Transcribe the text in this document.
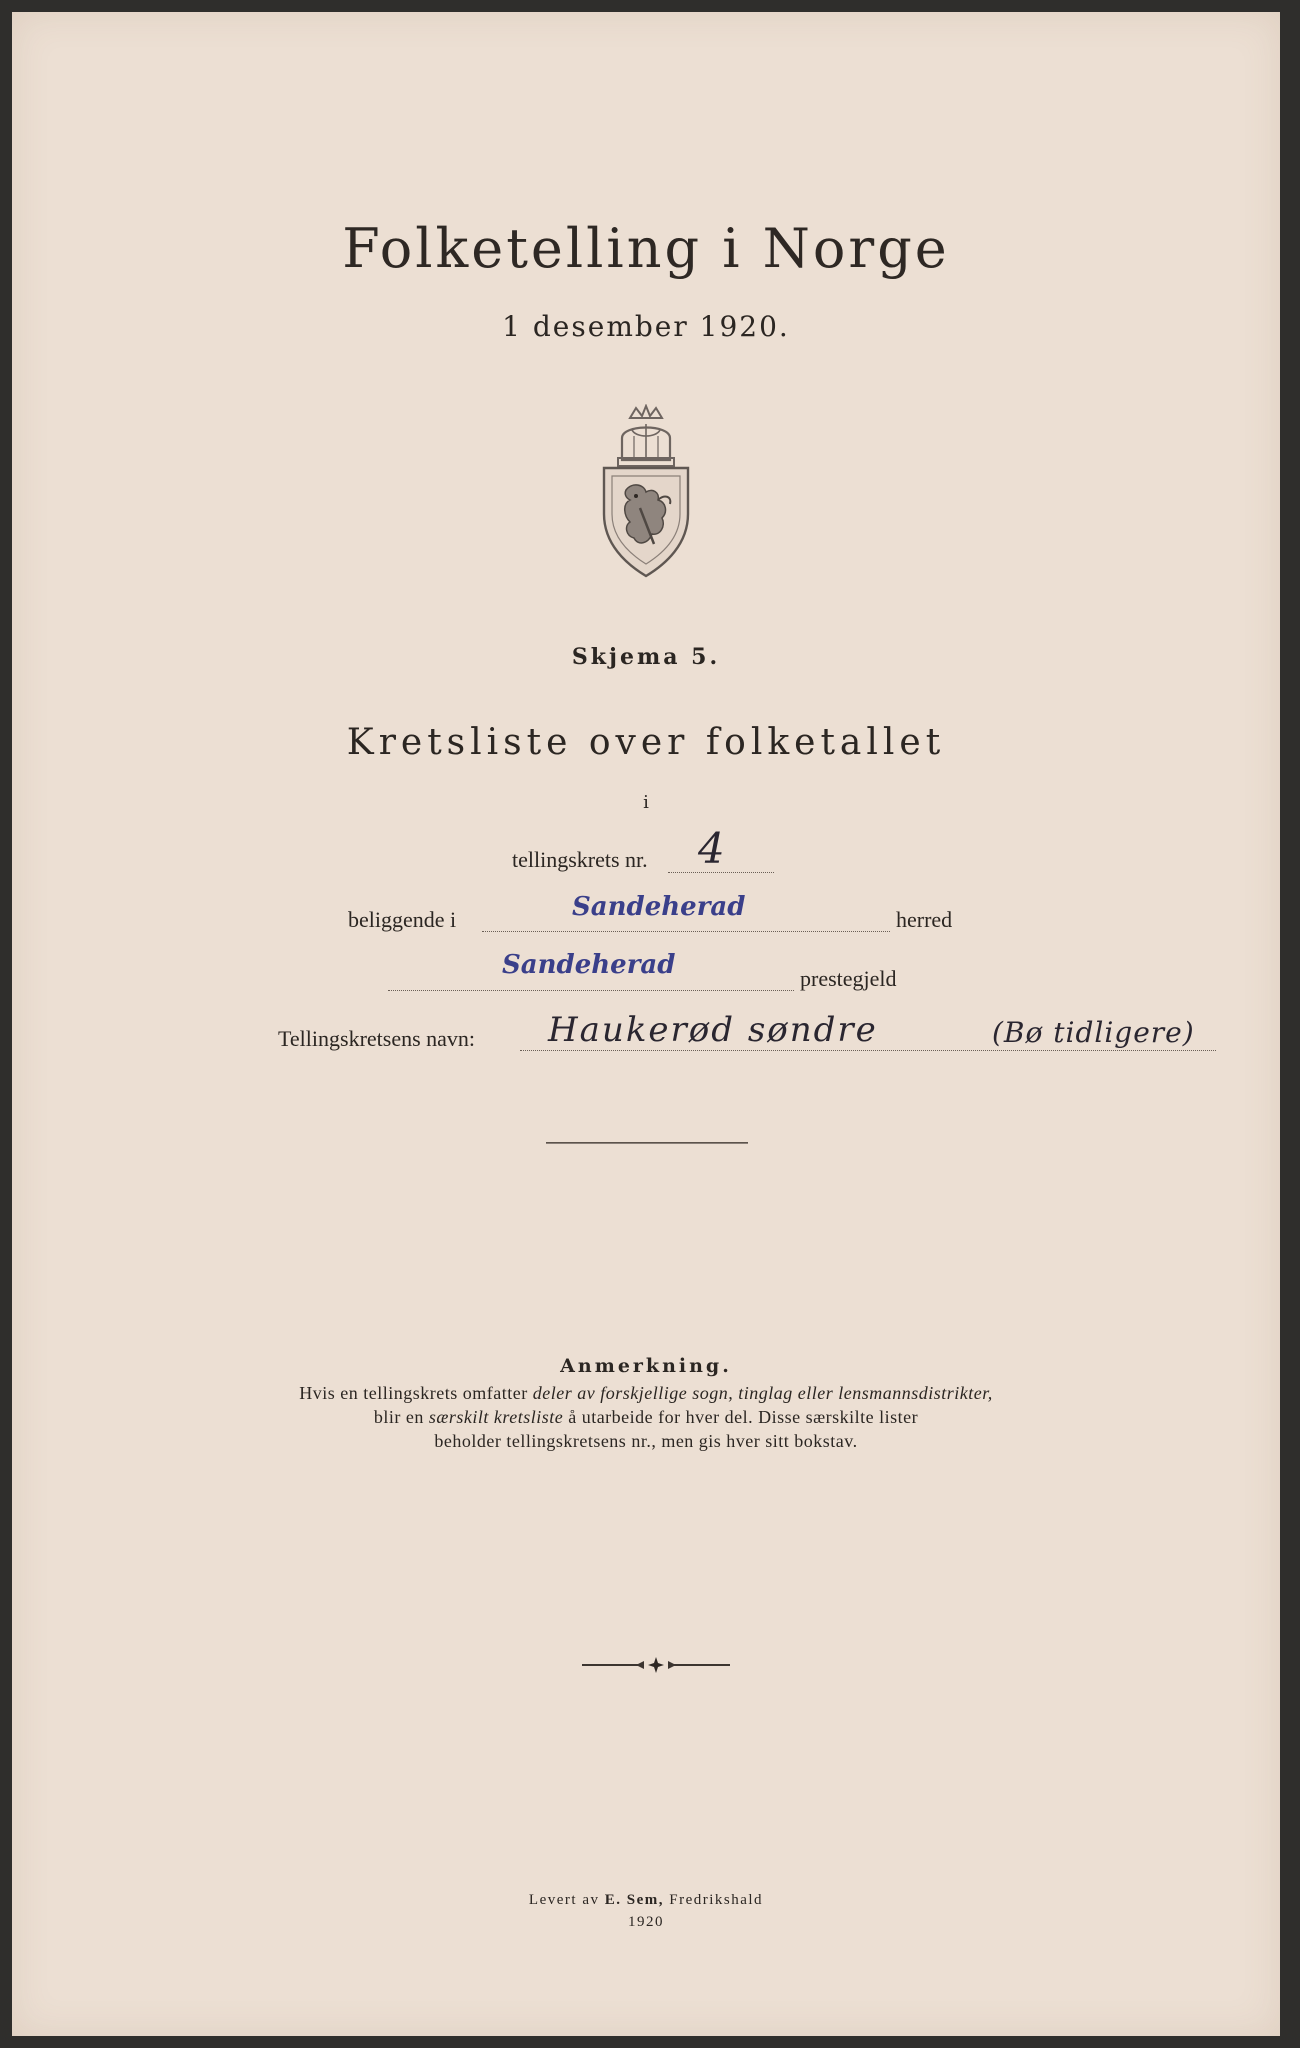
Folketelling i Norge
1 desember 1920.
Skjema 5.
Kretsliste over folketallet
i
tellingskrets nr. 4
beliggende i	Sandeherad	herred
Sandeherad	prestegjeld
Tellingskretsens navn: Haukerød søndre	(Bø tidligere)
Anmerkning.
Hvis en tellingskrets omfatter deler av forskjellige sogn, tinglag eller lensmannsdistrikter,
blir en særskilt kretsliste å utarbeide for hver del. Disse særskilte lister
beholder tellingskretsens nr., men gis hver sitt bokstav.
Levert av E. Sem, Fredrikshald
1920
